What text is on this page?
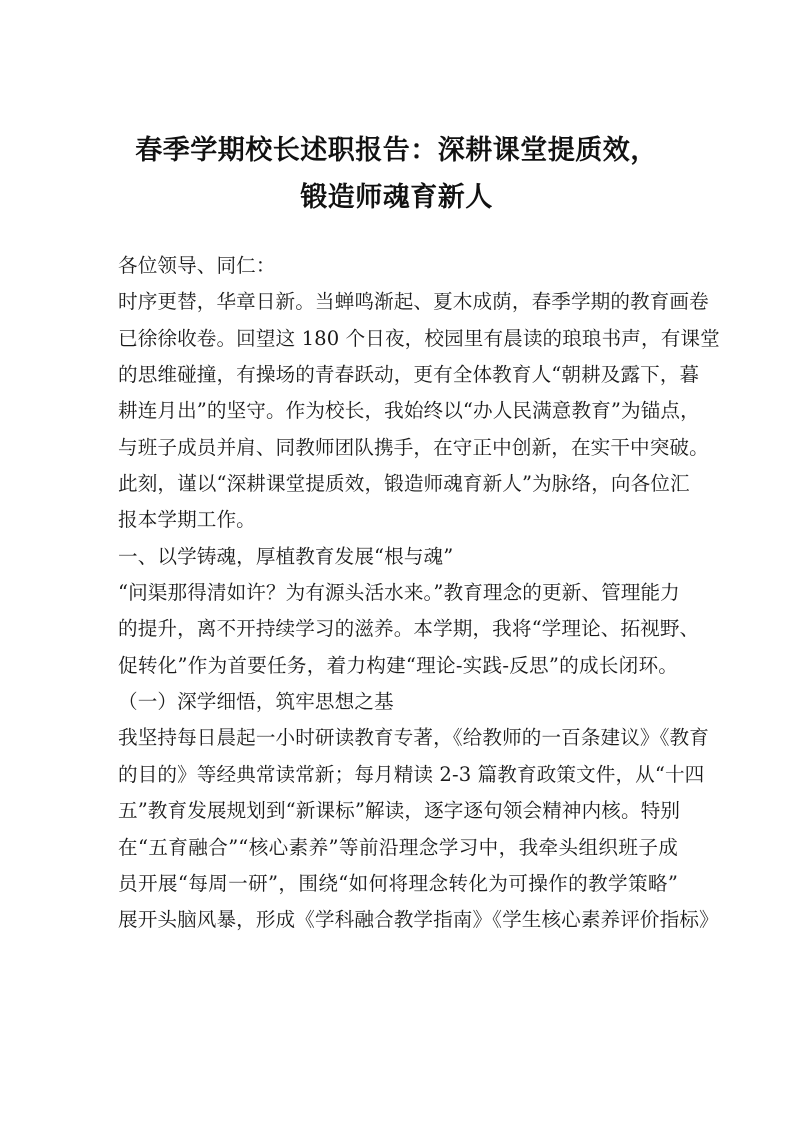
春季学期校长述职报告：深耕课堂提质效，
锻造师魂育新人
各位领导、同仁：
时序更替，华章日新。当蝉鸣渐起、夏木成荫，春季学期的教育画卷
已徐徐收卷。回望这 180 个日夜，校园里有晨读的琅琅书声，有课堂
的思维碰撞，有操场的青春跃动，更有全体教育人“朝耕及露下，暮
耕连月出”的坚守。作为校长，我始终以“办人民满意教育”为锚点，
与班子成员并肩、同教师团队携手，在守正中创新，在实干中突破。
此刻，谨以“深耕课堂提质效，锻造师魂育新人”为脉络，向各位汇
报本学期工作。
一、以学铸魂，厚植教育发展“根与魂”
“问渠那得清如许？为有源头活水来。”教育理念的更新、管理能力
的提升，离不开持续学习的滋养。本学期，我将“学理论、拓视野、
促转化”作为首要任务，着力构建“理论-实践-反思”的成长闭环。
（一）深学细悟，筑牢思想之基
我坚持每日晨起一小时研读教育专著，《给教师的一百条建议》《教育
的目的》等经典常读常新；每月精读 2-3 篇教育政策文件，从“十四
五”教育发展规划到“新课标”解读，逐字逐句领会精神内核。特别
在“五育融合”“核心素养”等前沿理念学习中，我牵头组织班子成
员开展“每周一研”，围绕“如何将理念转化为可操作的教学策略”
展开头脑风暴，形成《学科融合教学指南》《学生核心素养评价指标》
